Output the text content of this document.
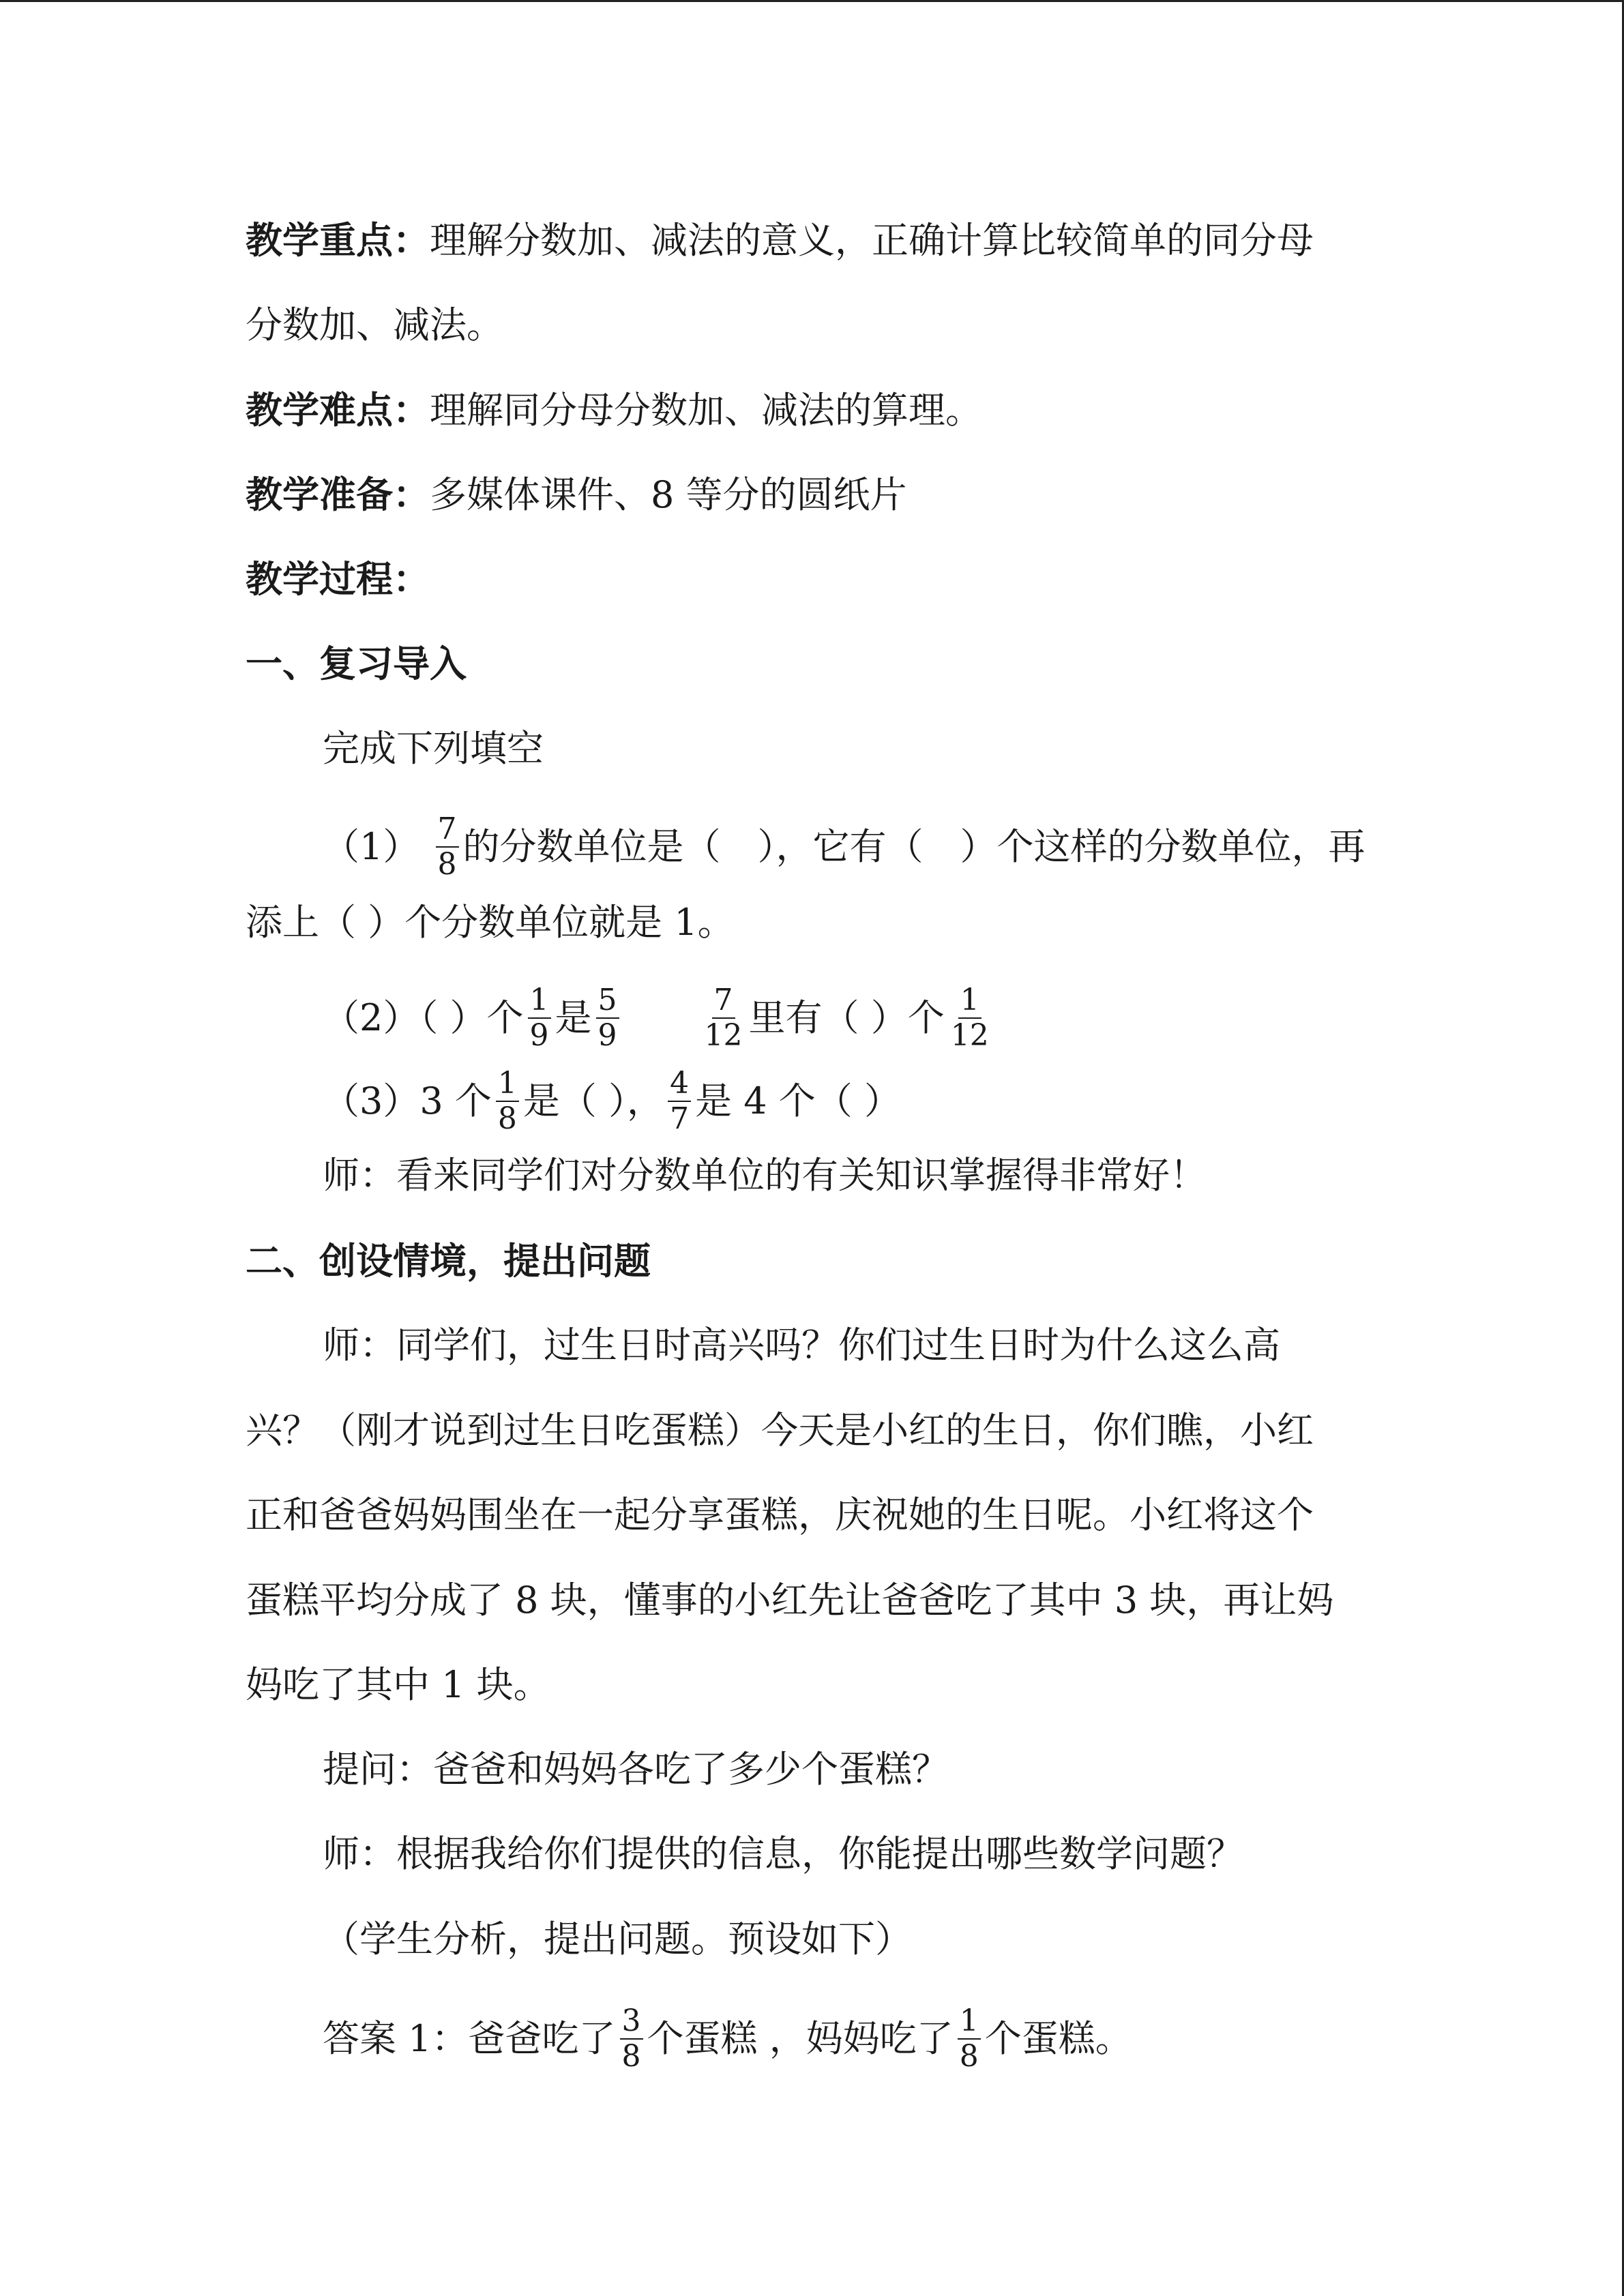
教学重点：理解分数加、减法的意义，正确计算比较简单的同分母
分数加、减法。
教学难点：理解同分母分数加、减法的算理。
教学准备：多媒体课件、8 等分的圆纸片
教学过程：
一、复习导入
完成下列填空
$(1) \frac{7}{8}$ 的分数单位是（　），它有（　）个这样的分数单位，再
添上（ ）个分数单位就是 1。
（2）（ ）个 $\frac{1}{9}$ 是 $\frac{5}{9}$	$\frac{7}{12}$ 里有（ ）个 $\frac{1}{12}$
（3）3 个 $\frac{1}{8}$ 是（ ）， $\frac{4}{7}$ 是 4 个（ ）
师：看来同学们对分数单位的有关知识掌握得非常好！
二、创设情境，提出问题
师：同学们，过生日时高兴吗？你们过生日时为什么这么高
兴？（刚才说到过生日吃蛋糕）今天是小红的生日，你们瞧，小红
正和爸爸妈妈围坐在一起分享蛋糕，庆祝她的生日呢。小红将这个
蛋糕平均分成了 8 块，懂事的小红先让爸爸吃了其中 3 块，再让妈
妈吃了其中 1 块。
提问：爸爸和妈妈各吃了多少个蛋糕？
师：根据我给你们提供的信息，你能提出哪些数学问题？
（学生分析，提出问题。预设如下）
答案 1：爸爸吃了 $\frac{3}{8}$ 个蛋糕 ，妈妈吃了 $\frac{1}{8}$ 个蛋糕。
